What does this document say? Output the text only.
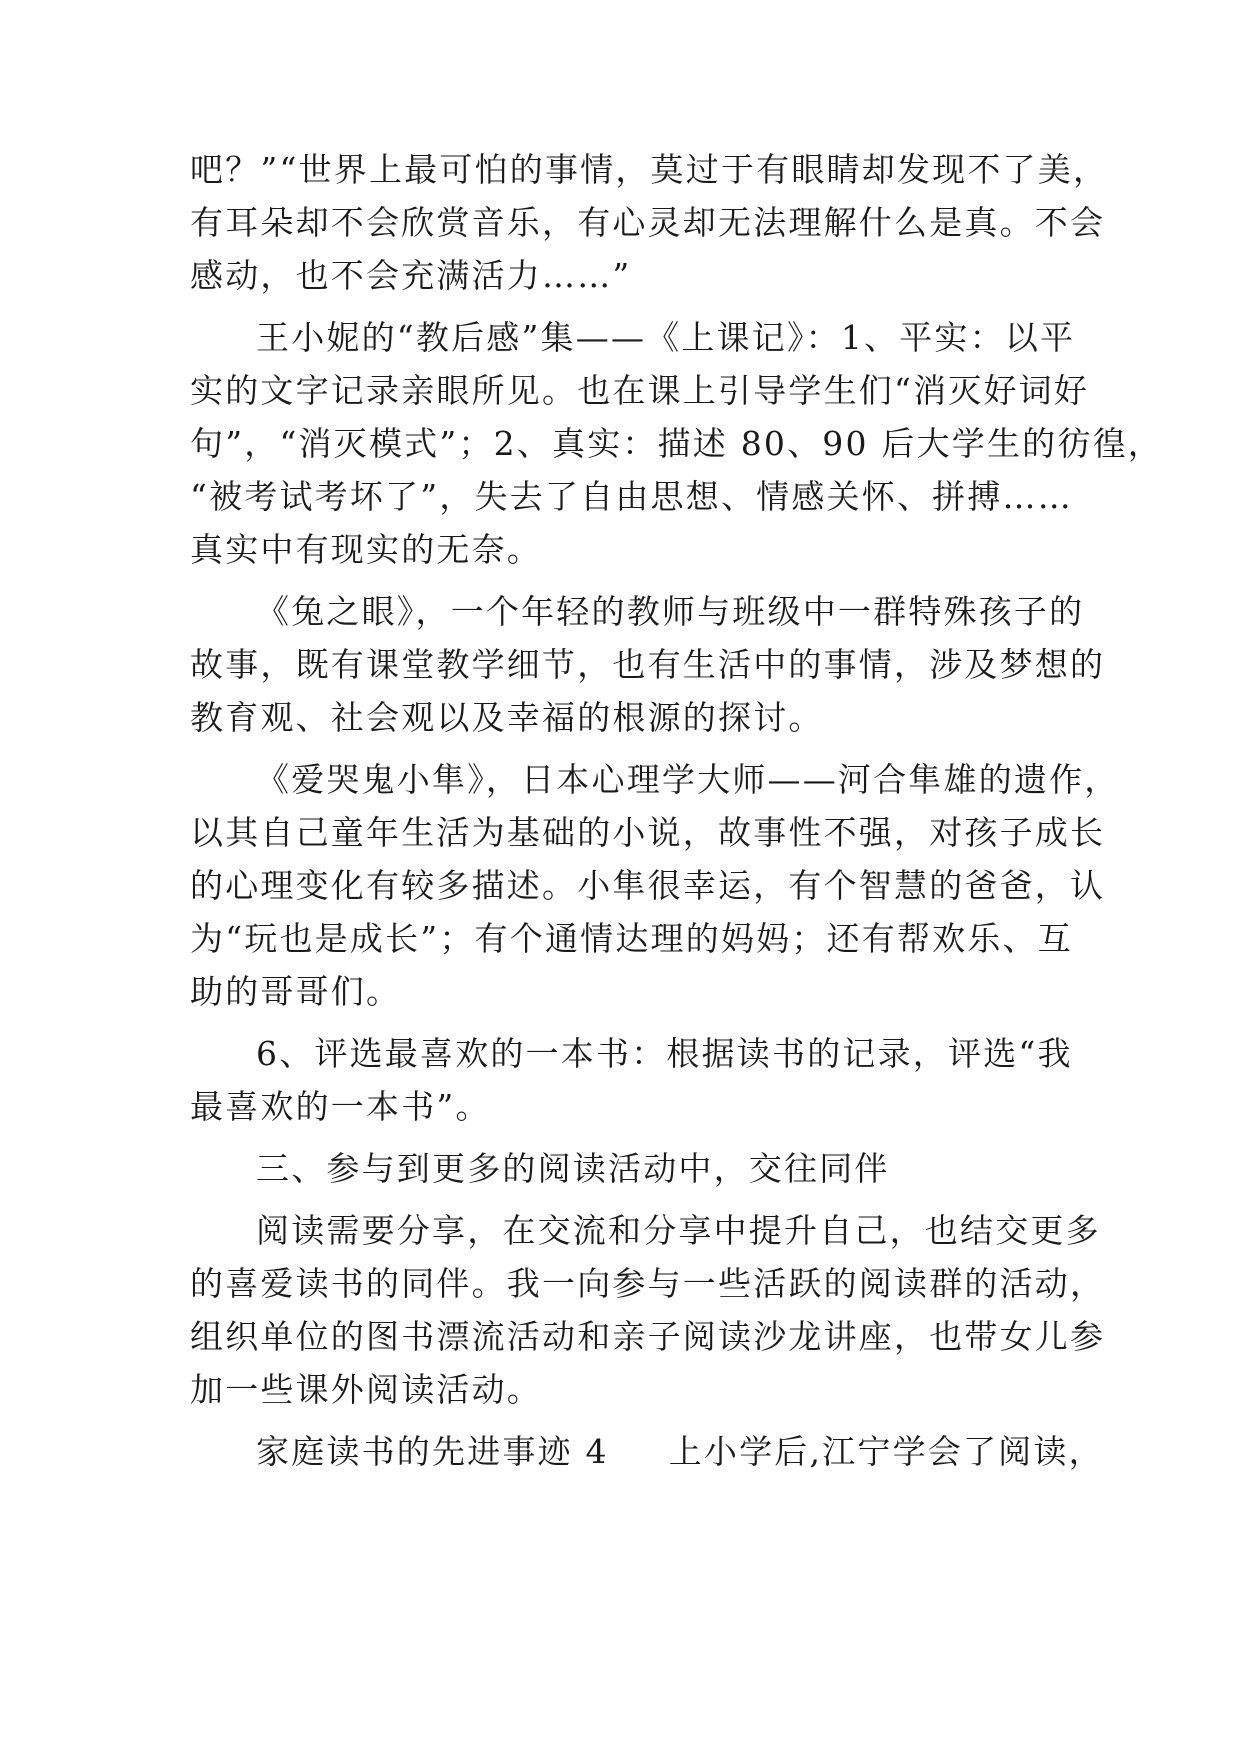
吧？”“世界上最可怕的事情，莫过于有眼睛却发现不了美，
有耳朵却不会欣赏音乐，有心灵却无法理解什么是真。不会
感动，也不会充满活力……”
王小妮的“教后感”集——《上课记》：1、平实：以平
实的文字记录亲眼所见。也在课上引导学生们“消灭好词好
句”，“消灭模式”；2、真实：描述 80、90 后大学生的彷徨，
“被考试考坏了”，失去了自由思想、情感关怀、拼搏……
真实中有现实的无奈。
《兔之眼》，一个年轻的教师与班级中一群特殊孩子的
故事，既有课堂教学细节，也有生活中的事情，涉及梦想的
教育观、社会观以及幸福的根源的探讨。
《爱哭鬼小隼》，日本心理学大师——河合隼雄的遗作，
以其自己童年生活为基础的小说，故事性不强，对孩子成长
的心理变化有较多描述。小隼很幸运，有个智慧的爸爸，认
为“玩也是成长”；有个通情达理的妈妈；还有帮欢乐、互
助的哥哥们。
6、评选最喜欢的一本书：根据读书的记录，评选“我
最喜欢的一本书”。
三、参与到更多的阅读活动中，交往同伴
阅读需要分享，在交流和分享中提升自己，也结交更多
的喜爱读书的同伴。我一向参与一些活跃的阅读群的活动，
组织单位的图书漂流活动和亲子阅读沙龙讲座，也带女儿参
加一些课外阅读活动。
家庭读书的先进事迹 4 上小学后,江宁学会了阅读，
